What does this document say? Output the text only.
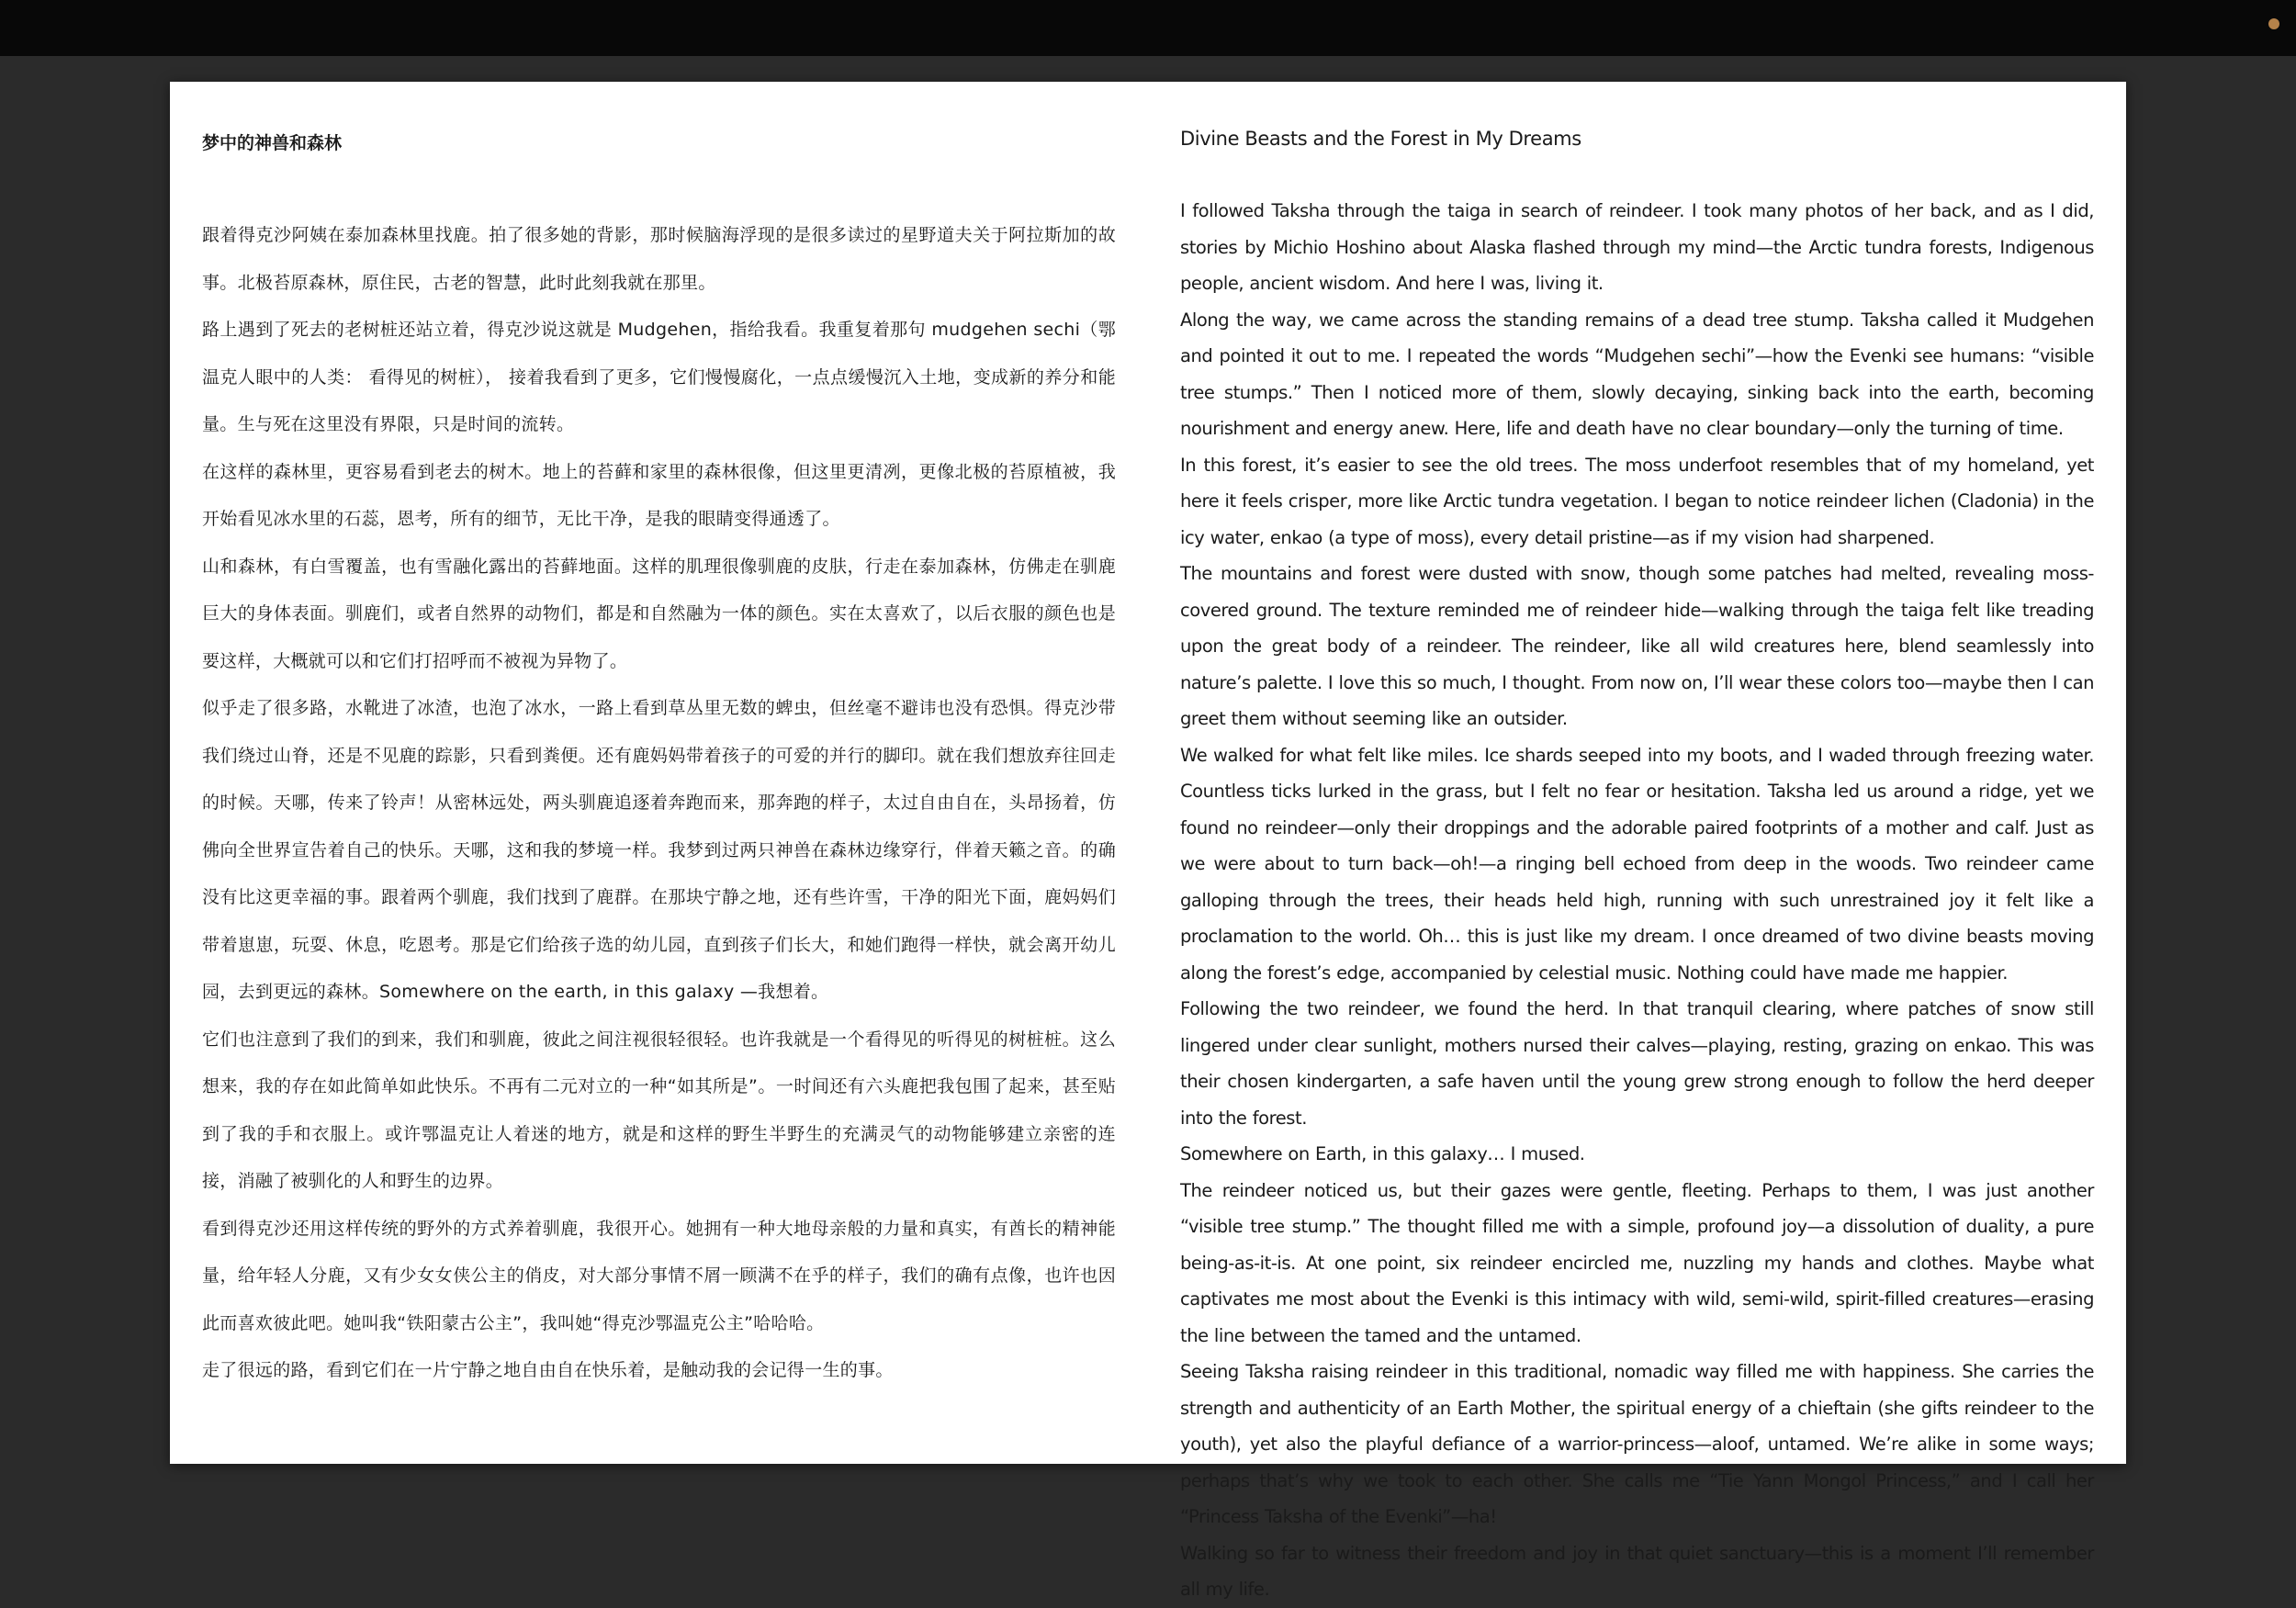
梦中的神兽和森林

跟着得克沙阿姨在泰加森林里找鹿。拍了很多她的背影，那时候脑海浮现的是很多读过的星野道夫关于阿拉斯加的故事。北极苔原森林，原住民，古老的智慧，此时此刻我就在那里。

路上遇到了死去的老树桩还站立着，得克沙说这就是 Mudgehen，指给我看。我重复着那句 mudgehen sechi（鄂温克人眼中的人类： 看得见的树桩）， 接着我看到了更多，它们慢慢腐化，一点点缓慢沉入土地，变成新的养分和能量。生与死在这里没有界限，只是时间的流转。

在这样的森林里，更容易看到老去的树木。地上的苔藓和家里的森林很像，但这里更清冽，更像北极的苔原植被，我开始看见冰水里的石蕊，恩考，所有的细节，无比干净，是我的眼睛变得通透了。

山和森林，有白雪覆盖，也有雪融化露出的苔藓地面。这样的肌理很像驯鹿的皮肤，行走在泰加森林，仿佛走在驯鹿巨大的身体表面。驯鹿们，或者自然界的动物们，都是和自然融为一体的颜色。实在太喜欢了，以后衣服的颜色也是要这样，大概就可以和它们打招呼而不被视为异物了。

似乎走了很多路，水靴进了冰渣，也泡了冰水，一路上看到草丛里无数的蜱虫，但丝毫不避讳也没有恐惧。得克沙带我们绕过山脊，还是不见鹿的踪影，只看到粪便。还有鹿妈妈带着孩子的可爱的并行的脚印。就在我们想放弃往回走的时候。天哪，传来了铃声！从密林远处，两头驯鹿追逐着奔跑而来，那奔跑的样子，太过自由自在，头昂扬着，仿佛向全世界宣告着自己的快乐。天哪，这和我的梦境一样。我梦到过两只神兽在森林边缘穿行，伴着天籁之音。的确没有比这更幸福的事。跟着两个驯鹿，我们找到了鹿群。在那块宁静之地，还有些许雪，干净的阳光下面，鹿妈妈们带着崽崽，玩耍、休息，吃恩考。那是它们给孩子选的幼儿园，直到孩子们长大，和她们跑得一样快，就会离开幼儿园，去到更远的森林。Somewhere on the earth, in this galaxy —我想着。

它们也注意到了我们的到来，我们和驯鹿，彼此之间注视很轻很轻。也许我就是一个看得见的听得见的树桩桩。这么想来，我的存在如此简单如此快乐。不再有二元对立的一种“如其所是”。一时间还有六头鹿把我包围了起来，甚至贴到了我的手和衣服上。或许鄂温克让人着迷的地方，就是和这样的野生半野生的充满灵气的动物能够建立亲密的连接，消融了被驯化的人和野生的边界。

看到得克沙还用这样传统的野外的方式养着驯鹿，我很开心。她拥有一种大地母亲般的力量和真实，有酋长的精神能量，给年轻人分鹿，又有少女女侠公主的俏皮，对大部分事情不屑一顾满不在乎的样子，我们的确有点像，也许也因此而喜欢彼此吧。她叫我“铁阳蒙古公主”，我叫她“得克沙鄂温克公主”哈哈哈。

走了很远的路，看到它们在一片宁静之地自由自在快乐着，是触动我的会记得一生的事。

Divine Beasts and the Forest in My Dreams

I followed Taksha through the taiga in search of reindeer. I took many photos of her back, and as I did, stories by Michio Hoshino about Alaska flashed through my mind—the Arctic tundra forests, Indigenous people, ancient wisdom. And here I was, living it.

Along the way, we came across the standing remains of a dead tree stump. Taksha called it Mudgehen and pointed it out to me. I repeated the words “Mudgehen sechi”—how the Evenki see humans: “visible tree stumps.” Then I noticed more of them, slowly decaying, sinking back into the earth, becoming nourishment and energy anew. Here, life and death have no clear boundary—only the turning of time.

In this forest, it’s easier to see the old trees. The moss underfoot resembles that of my homeland, yet here it feels crisper, more like Arctic tundra vegetation. I began to notice reindeer lichen (Cladonia) in the icy water, enkao (a type of moss), every detail pristine—as if my vision had sharpened.

The mountains and forest were dusted with snow, though some patches had melted, revealing moss-covered ground. The texture reminded me of reindeer hide—walking through the taiga felt like treading upon the great body of a reindeer. The reindeer, like all wild creatures here, blend seamlessly into nature’s palette. I love this so much, I thought. From now on, I’ll wear these colors too—maybe then I can greet them without seeming like an outsider.

We walked for what felt like miles. Ice shards seeped into my boots, and I waded through freezing water. Countless ticks lurked in the grass, but I felt no fear or hesitation. Taksha led us around a ridge, yet we found no reindeer—only their droppings and the adorable paired footprints of a mother and calf. Just as we were about to turn back—oh!—a ringing bell echoed from deep in the woods. Two reindeer came galloping through the trees, their heads held high, running with such unrestrained joy it felt like a proclamation to the world. Oh… this is just like my dream. I once dreamed of two divine beasts moving along the forest’s edge, accompanied by celestial music. Nothing could have made me happier.

Following the two reindeer, we found the herd. In that tranquil clearing, where patches of snow still lingered under clear sunlight, mothers nursed their calves—playing, resting, grazing on enkao. This was their chosen kindergarten, a safe haven until the young grew strong enough to follow the herd deeper into the forest.

Somewhere on Earth, in this galaxy… I mused.

The reindeer noticed us, but their gazes were gentle, fleeting. Perhaps to them, I was just another “visible tree stump.” The thought filled me with a simple, profound joy—a dissolution of duality, a pure being-as-it-is. At one point, six reindeer encircled me, nuzzling my hands and clothes. Maybe what captivates me most about the Evenki is this intimacy with wild, semi-wild, spirit-filled creatures—erasing the line between the tamed and the untamed.

Seeing Taksha raising reindeer in this traditional, nomadic way filled me with happiness. She carries the strength and authenticity of an Earth Mother, the spiritual energy of a chieftain (she gifts reindeer to the youth), yet also the playful defiance of a warrior-princess—aloof, untamed. We’re alike in some ways; perhaps that’s why we took to each other. She calls me “Tie Yann Mongol Princess,” and I call her “Princess Taksha of the Evenki”—ha!

Walking so far to witness their freedom and joy in that quiet sanctuary—this is a moment I’ll remember all my life.
